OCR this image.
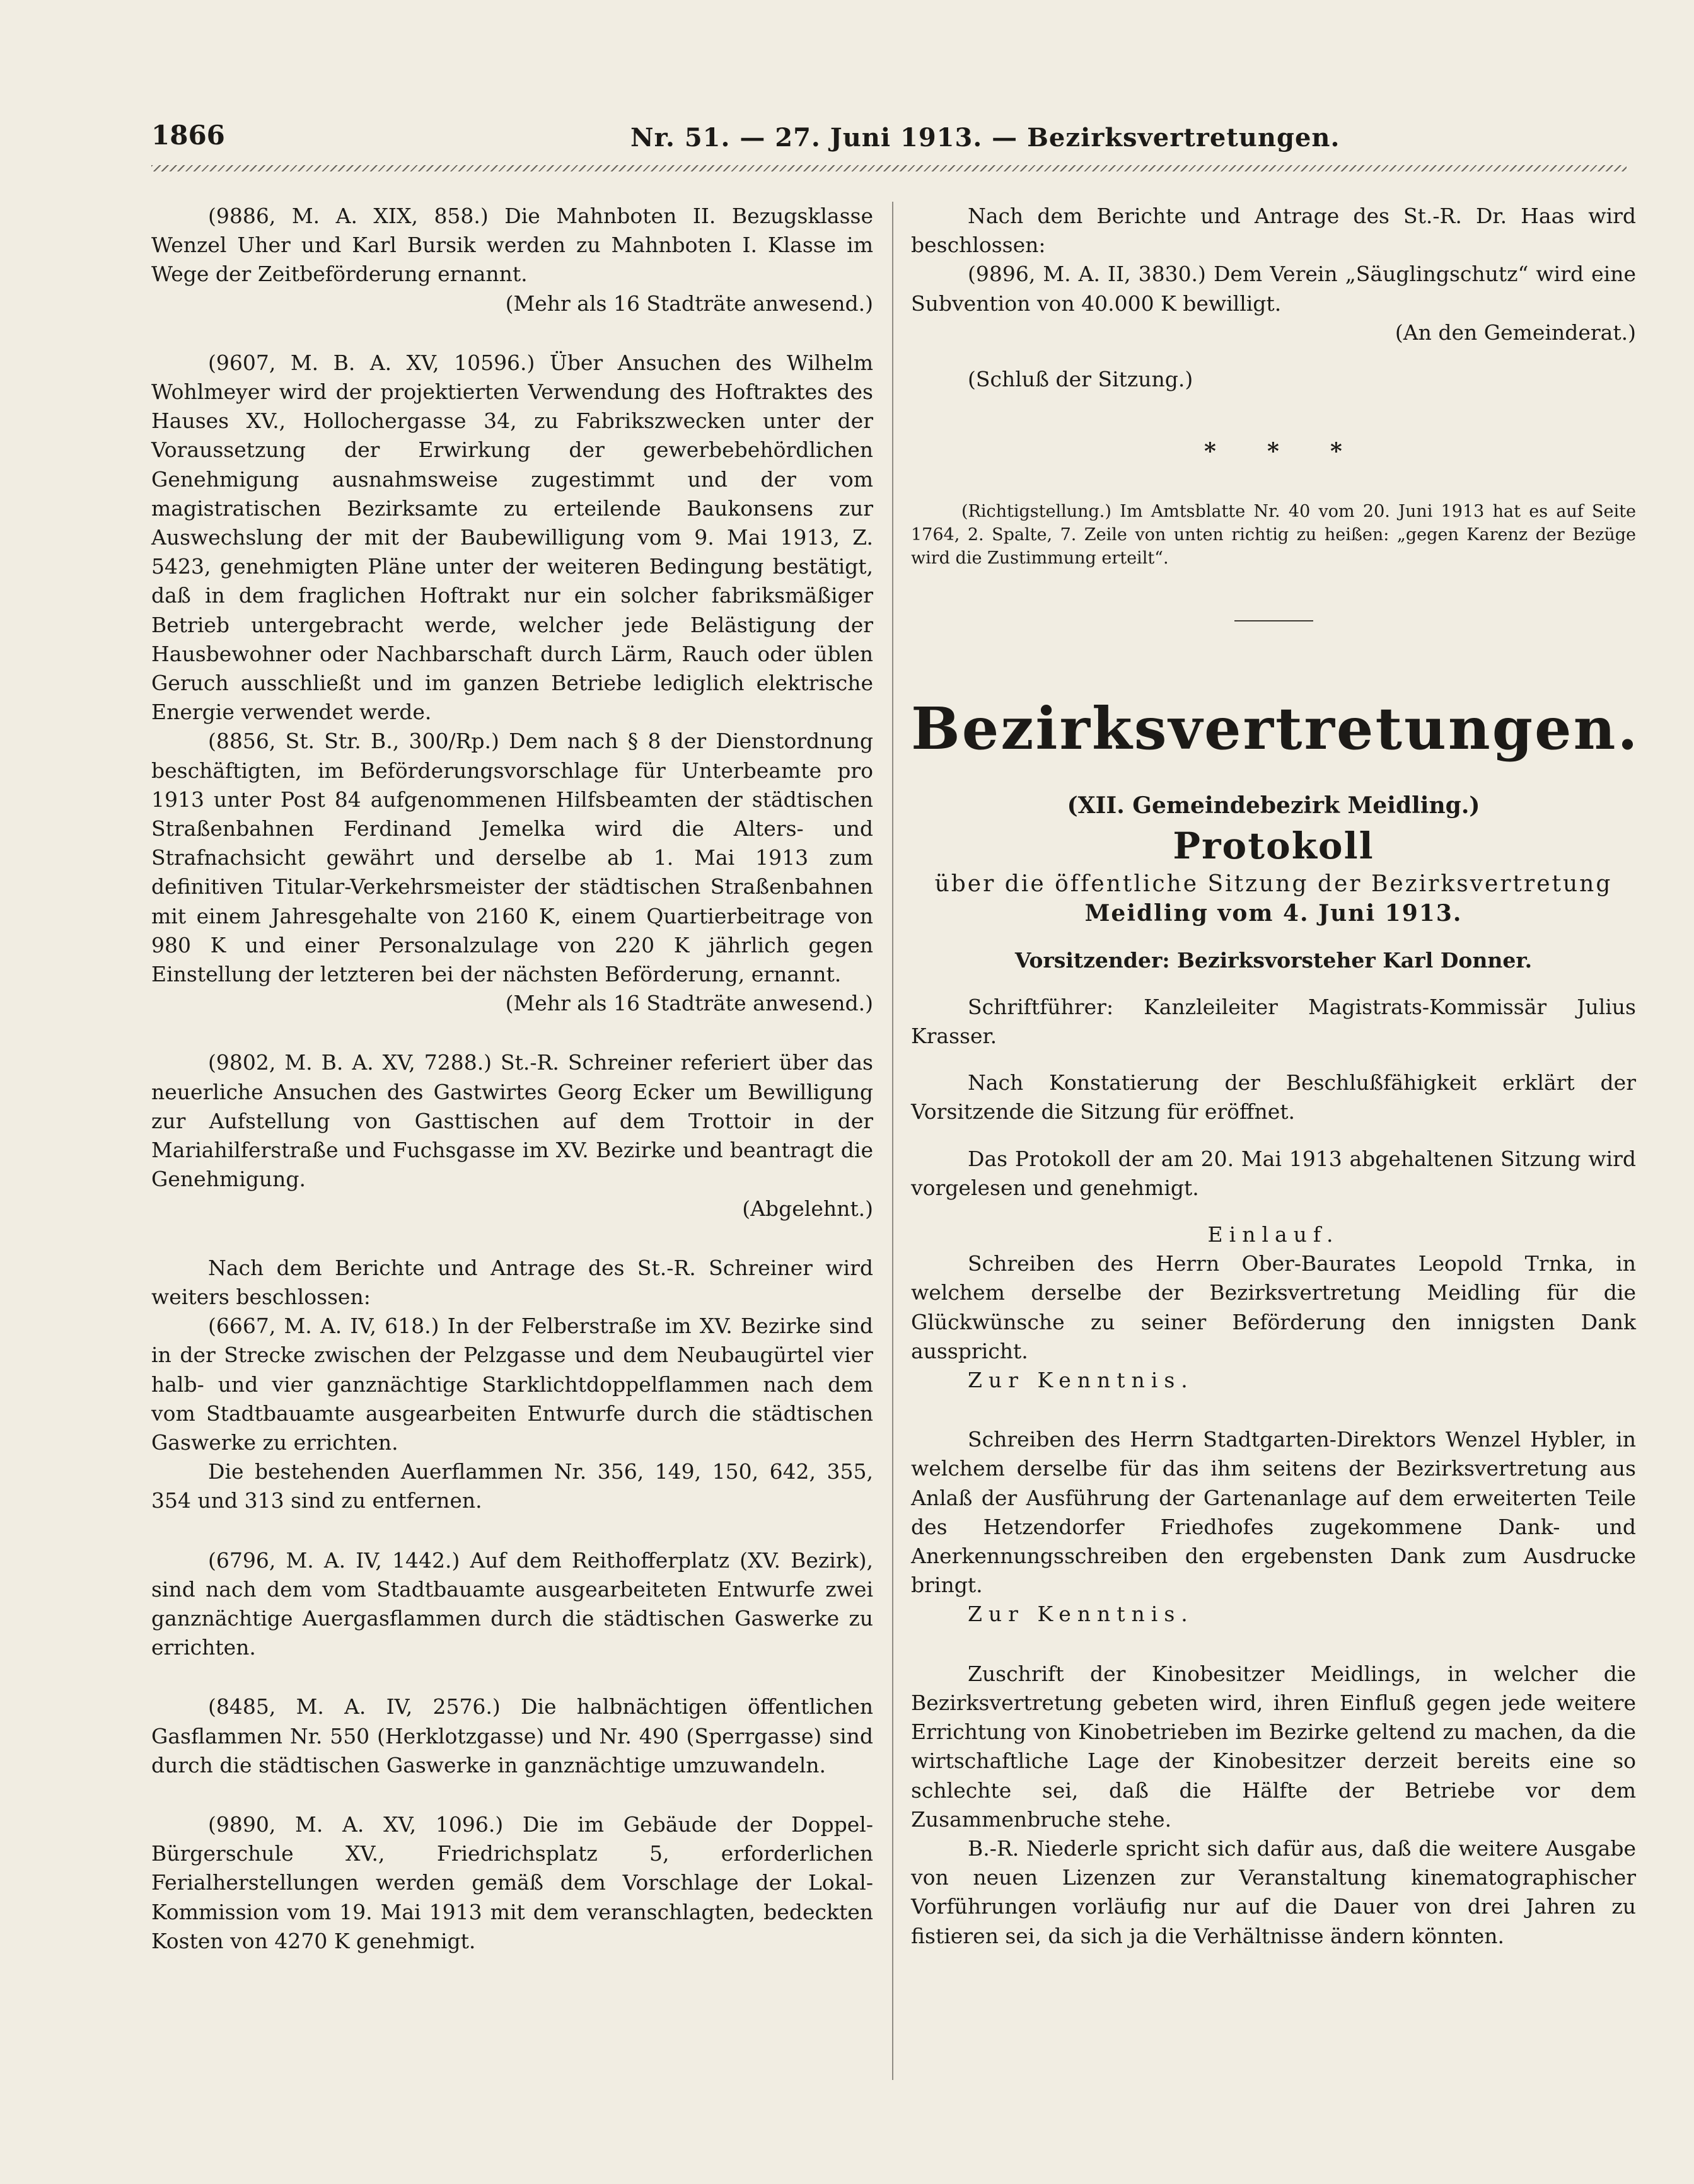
1866	Nr. 51. — 27. Juni 1913. — Bezirksvertretungen.

(9886, M. A. XIX, 858.) Die Mahnboten II. Bezugsklasse Wenzel Uher und Karl Bursik werden zu Mahnboten I. Klasse im Wege der Zeitbeförderung ernannt.

(Mehr als 16 Stadträte anwesend.)

(9607, M. B. A. XV, 10596.) Über Ansuchen des Wilhelm Wohlmeyer wird der projektierten Verwendung des Hoftraktes des Hauses XV., Hollochergasse 34, zu Fabrikszwecken unter der Voraussetzung der Erwirkung der gewerbebehördlichen Genehmigung ausnahmsweise zugestimmt und der vom magistratischen Bezirksamte zu erteilende Baukonsens zur Auswechslung der mit der Baubewilligung vom 9. Mai 1913, Z. 5423, genehmigten Pläne unter der weiteren Bedingung bestätigt, daß in dem fraglichen Hoftrakt nur ein solcher fabriksmäßiger Betrieb untergebracht werde, welcher jede Belästigung der Hausbewohner oder Nachbarschaft durch Lärm, Rauch oder üblen Geruch ausschließt und im ganzen Betriebe lediglich elektrische Energie verwendet werde.

(8856, St. Str. B., 300/Rp.) Dem nach § 8 der Dienstordnung beschäftigten, im Beförderungsvorschlage für Unterbeamte pro 1913 unter Post 84 aufgenommenen Hilfsbeamten der städtischen Straßenbahnen Ferdinand Jemelka wird die Alters- und Strafnachsicht gewährt und derselbe ab 1. Mai 1913 zum definitiven Titular-Verkehrsmeister der städtischen Straßenbahnen mit einem Jahresgehalte von 2160 K, einem Quartierbeitrage von 980 K und einer Personalzulage von 220 K jährlich gegen Einstellung der letzteren bei der nächsten Beförderung, ernannt.

(Mehr als 16 Stadträte anwesend.)

(9802, M. B. A. XV, 7288.) St.-R. Schreiner referiert über das neuerliche Ansuchen des Gastwirtes Georg Ecker um Bewilligung zur Aufstellung von Gasttischen auf dem Trottoir in der Mariahilferstraße und Fuchsgasse im XV. Bezirke und beantragt die Genehmigung.

(Abgelehnt.)

Nach dem Berichte und Antrage des St.-R. Schreiner wird weiters beschlossen:

(6667, M. A. IV, 618.) In der Felberstraße im XV. Bezirke sind in der Strecke zwischen der Pelzgasse und dem Neubaugürtel vier halb- und vier ganznächtige Starklichtdoppelflammen nach dem vom Stadtbauamte ausgearbeiten Entwurfe durch die städtischen Gaswerke zu errichten.

Die bestehenden Auerflammen Nr. 356, 149, 150, 642, 355, 354 und 313 sind zu entfernen.

(6796, M. A. IV, 1442.) Auf dem Reithofferplatz (XV. Bezirk), sind nach dem vom Stadtbauamte ausgearbeiteten Entwurfe zwei ganznächtige Auergasflammen durch die städtischen Gaswerke zu errichten.

(8485, M. A. IV, 2576.) Die halbnächtigen öffentlichen Gasflammen Nr. 550 (Herklotzgasse) und Nr. 490 (Sperrgasse) sind durch die städtischen Gaswerke in ganznächtige umzuwandeln.

(9890, M. A. XV, 1096.) Die im Gebäude der Doppel-Bürgerschule XV., Friedrichsplatz 5, erforderlichen Ferialherstellungen werden gemäß dem Vorschlage der Lokal-Kommission vom 19. Mai 1913 mit dem veranschlagten, bedeckten Kosten von 4270 K genehmigt.

Nach dem Berichte und Antrage des St.-R. Dr. Haas wird beschlossen:

(9896, M. A. II, 3830.) Dem Verein „Säuglingschutz“ wird eine Subvention von 40.000 K bewilligt.

(An den Gemeinderat.)

(Schluß der Sitzung.)

* * *

(Richtigstellung.) Im Amtsblatte Nr. 40 vom 20. Juni 1913 hat es auf Seite 1764, 2. Spalte, 7. Zeile von unten richtig zu heißen: „gegen Karenz der Bezüge wird die Zustimmung erteilt“.

Bezirksvertretungen.

(XII. Gemeindebezirk Meidling.)

Protokoll

über die öffentliche Sitzung der Bezirksvertretung

Meidling vom 4. Juni 1913.

Vorsitzender: Bezirksvorsteher Karl Donner.

Schriftführer: Kanzleileiter Magistrats-Kommissär Julius Krasser.

Nach Konstatierung der Beschlußfähigkeit erklärt der Vorsitzende die Sitzung für eröffnet.

Das Protokoll der am 20. Mai 1913 abgehaltenen Sitzung wird vorgelesen und genehmigt.

Einlauf.

Schreiben des Herrn Ober-Baurates Leopold Trnka, in welchem derselbe der Bezirksvertretung Meidling für die Glückwünsche zu seiner Beförderung den innigsten Dank ausspricht.

Zur Kenntnis.

Schreiben des Herrn Stadtgarten-Direktors Wenzel Hybler, in welchem derselbe für das ihm seitens der Bezirksvertretung aus Anlaß der Ausführung der Gartenanlage auf dem erweiterten Teile des Hetzendorfer Friedhofes zugekommene Dank- und Anerkennungsschreiben den ergebensten Dank zum Ausdrucke bringt.

Zur Kenntnis.

Zuschrift der Kinobesitzer Meidlings, in welcher die Bezirksvertretung gebeten wird, ihren Einfluß gegen jede weitere Errichtung von Kinobetrieben im Bezirke geltend zu machen, da die wirtschaftliche Lage der Kinobesitzer derzeit bereits eine so schlechte sei, daß die Hälfte der Betriebe vor dem Zusammenbruche stehe.

B.-R. Niederle spricht sich dafür aus, daß die weitere Ausgabe von neuen Lizenzen zur Veranstaltung kinematographischer Vorführungen vorläufig nur auf die Dauer von drei Jahren zu fistieren sei, da sich ja die Verhältnisse ändern könnten.
